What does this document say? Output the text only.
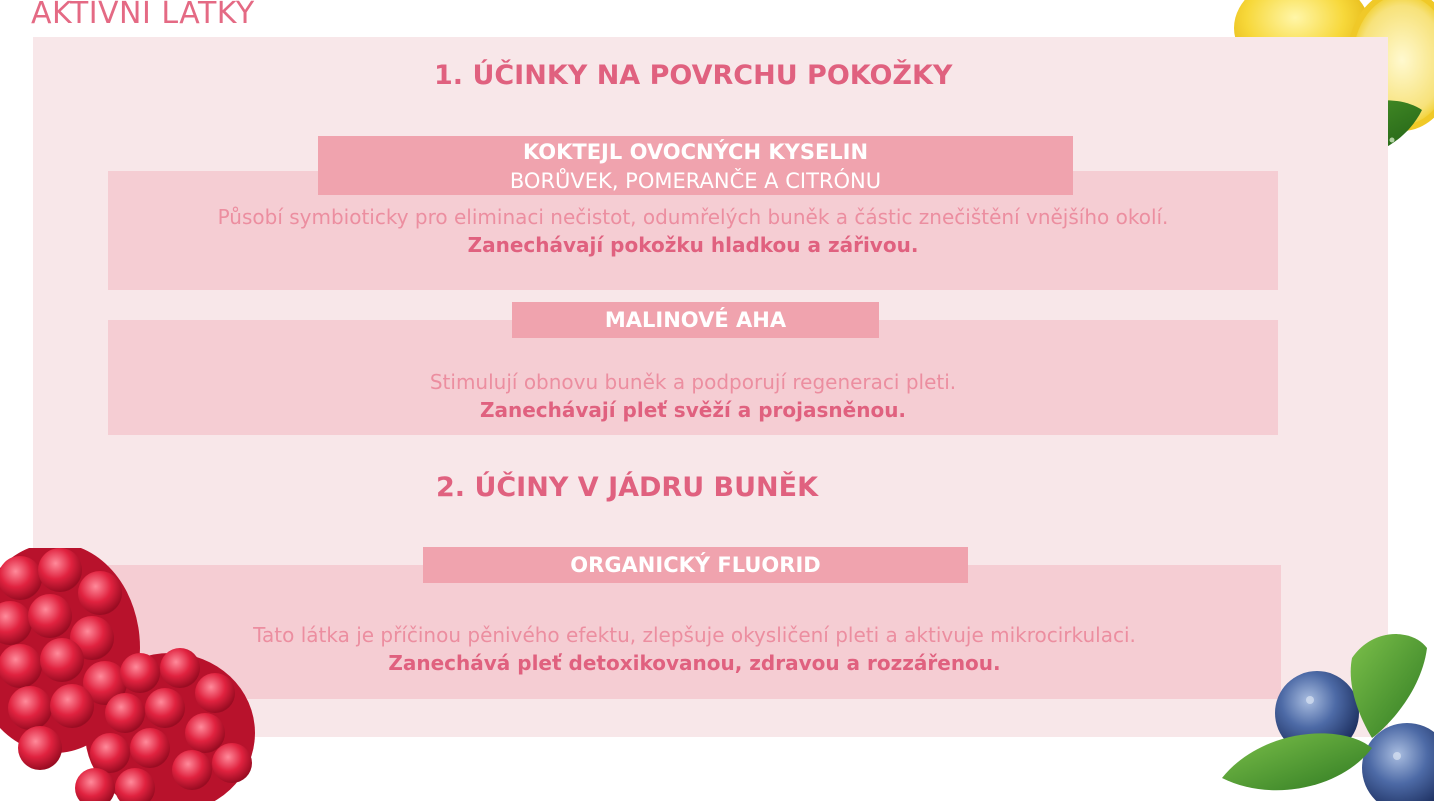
AKTIVNI LATKY
1. ÚČINKY NA POVRCHU POKOŽKY
Působí symbioticky pro eliminaci nečistot, odumřelých buněk a částic znečištění vnějšího okolí.
Zanechávají pokožku hladkou a zářivou.
KOKTEJL OVOCNÝCH KYSELIN
BORŮVEK, POMERANČE A CITRÓNU
Stimulují obnovu buněk a podporují regeneraci pleti.
Zanechávají pleť svěží a projasněnou.
MALINOVÉ AHA
2. ÚČINY V JÁDRU BUNĚK
Tato látka je příčinou pěnivého efektu, zlepšuje okysličení pleti a aktivuje mikrocirkulaci.
Zanechává pleť detoxikovanou, zdravou a rozzářenou.
ORGANICKÝ FLUORID
